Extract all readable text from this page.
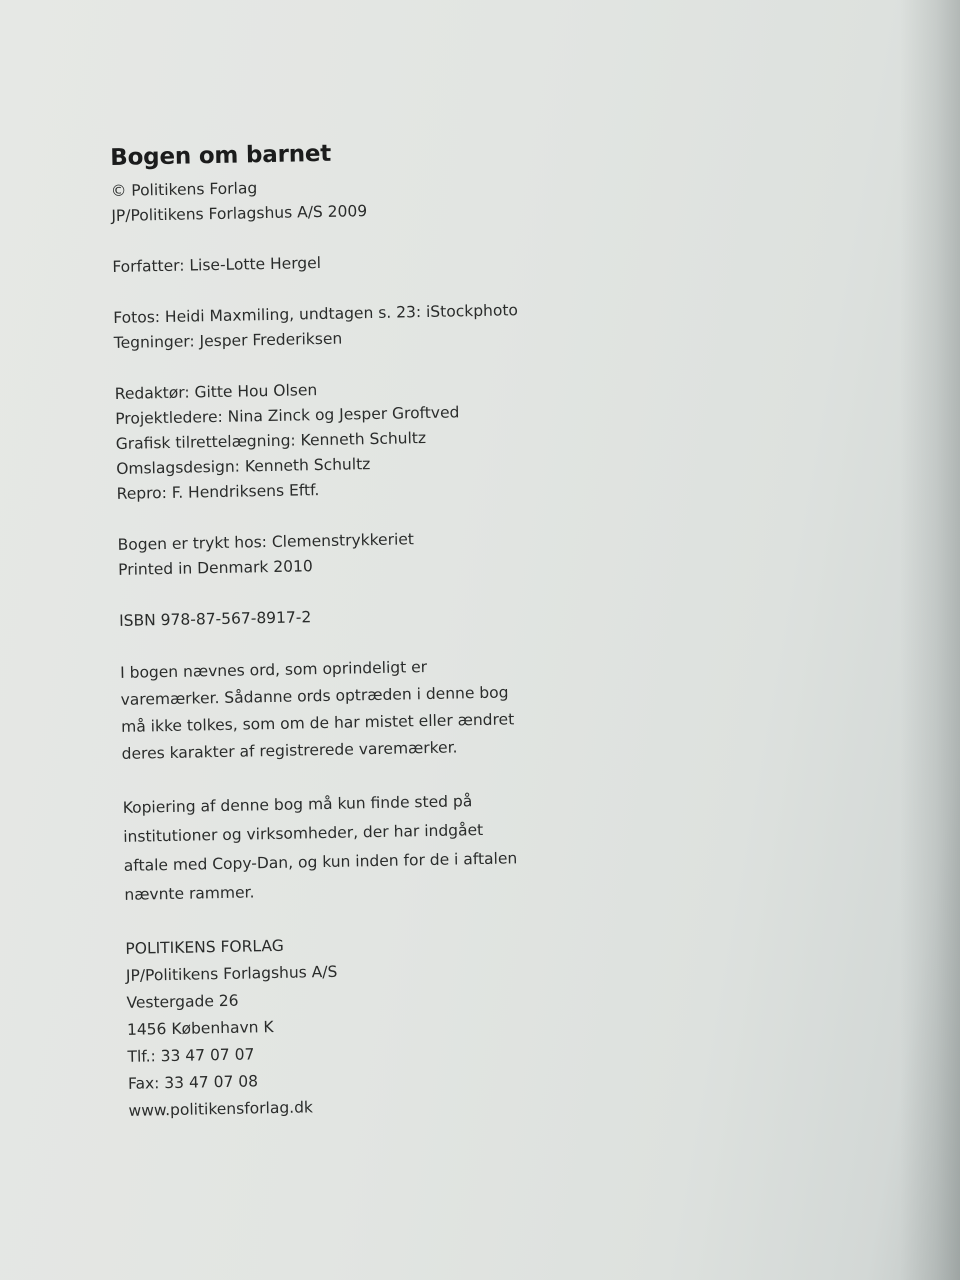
Bogen om barnet
© Politikens Forlag
JP/Politikens Forlagshus A/S 2009
Forfatter: Lise-Lotte Hergel
Fotos: Heidi Maxmiling, undtagen s. 23: iStockphoto
Tegninger: Jesper Frederiksen
Redaktør: Gitte Hou Olsen
Projektledere: Nina Zinck og Jesper Groftved
Grafisk tilrettelægning: Kenneth Schultz
Omslagsdesign: Kenneth Schultz
Repro: F. Hendriksens Eftf.
Bogen er trykt hos: Clemenstrykkeriet
Printed in Denmark 2010
ISBN 978-87-567-8917-2
I bogen nævnes ord, som oprindeligt er varemærker. Sådanne ords optræden i denne bog må ikke tolkes, som om de har mistet eller ændret deres karakter af registrerede varemærker.
Kopiering af denne bog må kun finde sted på institutioner og virksomheder, der har indgået aftale med Copy-Dan, og kun inden for de i aftalen nævnte rammer.
POLITIKENS FORLAG
JP/Politikens Forlagshus A/S
Vestergade 26
1456 København K
Tlf.: 33 47 07 07
Fax: 33 47 07 08
www.politikensforlag.dk
